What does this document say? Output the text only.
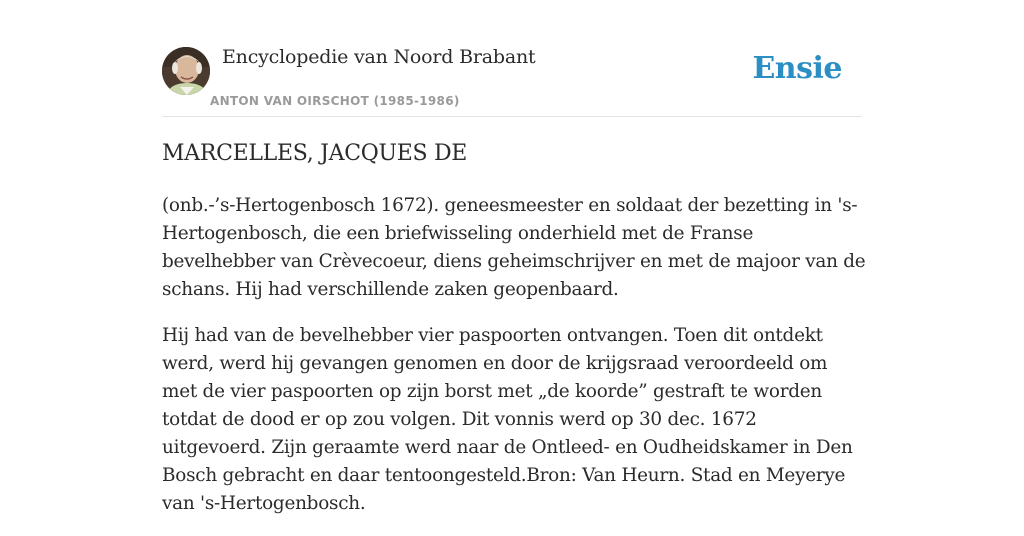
Encyclopedie van Noord Brabant
ANTON VAN OIRSCHOT (1985-1986)
Ensie
MARCELLES, JACQUES DE

(onb.-’s-Hertogenbosch 1672). geneesmeester en soldaat der bezetting in 's-Hertogenbosch, die een briefwisseling onderhield met de Franse bevelhebber van Crèvecoeur, diens geheimschrijver en met de majoor van de schans. Hij had verschillende zaken geopenbaard.

Hij had van de bevelhebber vier paspoorten ontvangen. Toen dit ontdekt werd, werd hij gevangen genomen en door de krijgsraad veroordeeld om met de vier paspoorten op zijn borst met „de koorde” gestraft te worden totdat de dood er op zou volgen. Dit vonnis werd op 30 dec. 1672 uitgevoerd. Zijn geraamte werd naar de Ontleed- en Oudheidskamer in Den Bosch gebracht en daar tentoongesteld.Bron: Van Heurn. Stad en Meyerye van 's-Hertogenbosch.
